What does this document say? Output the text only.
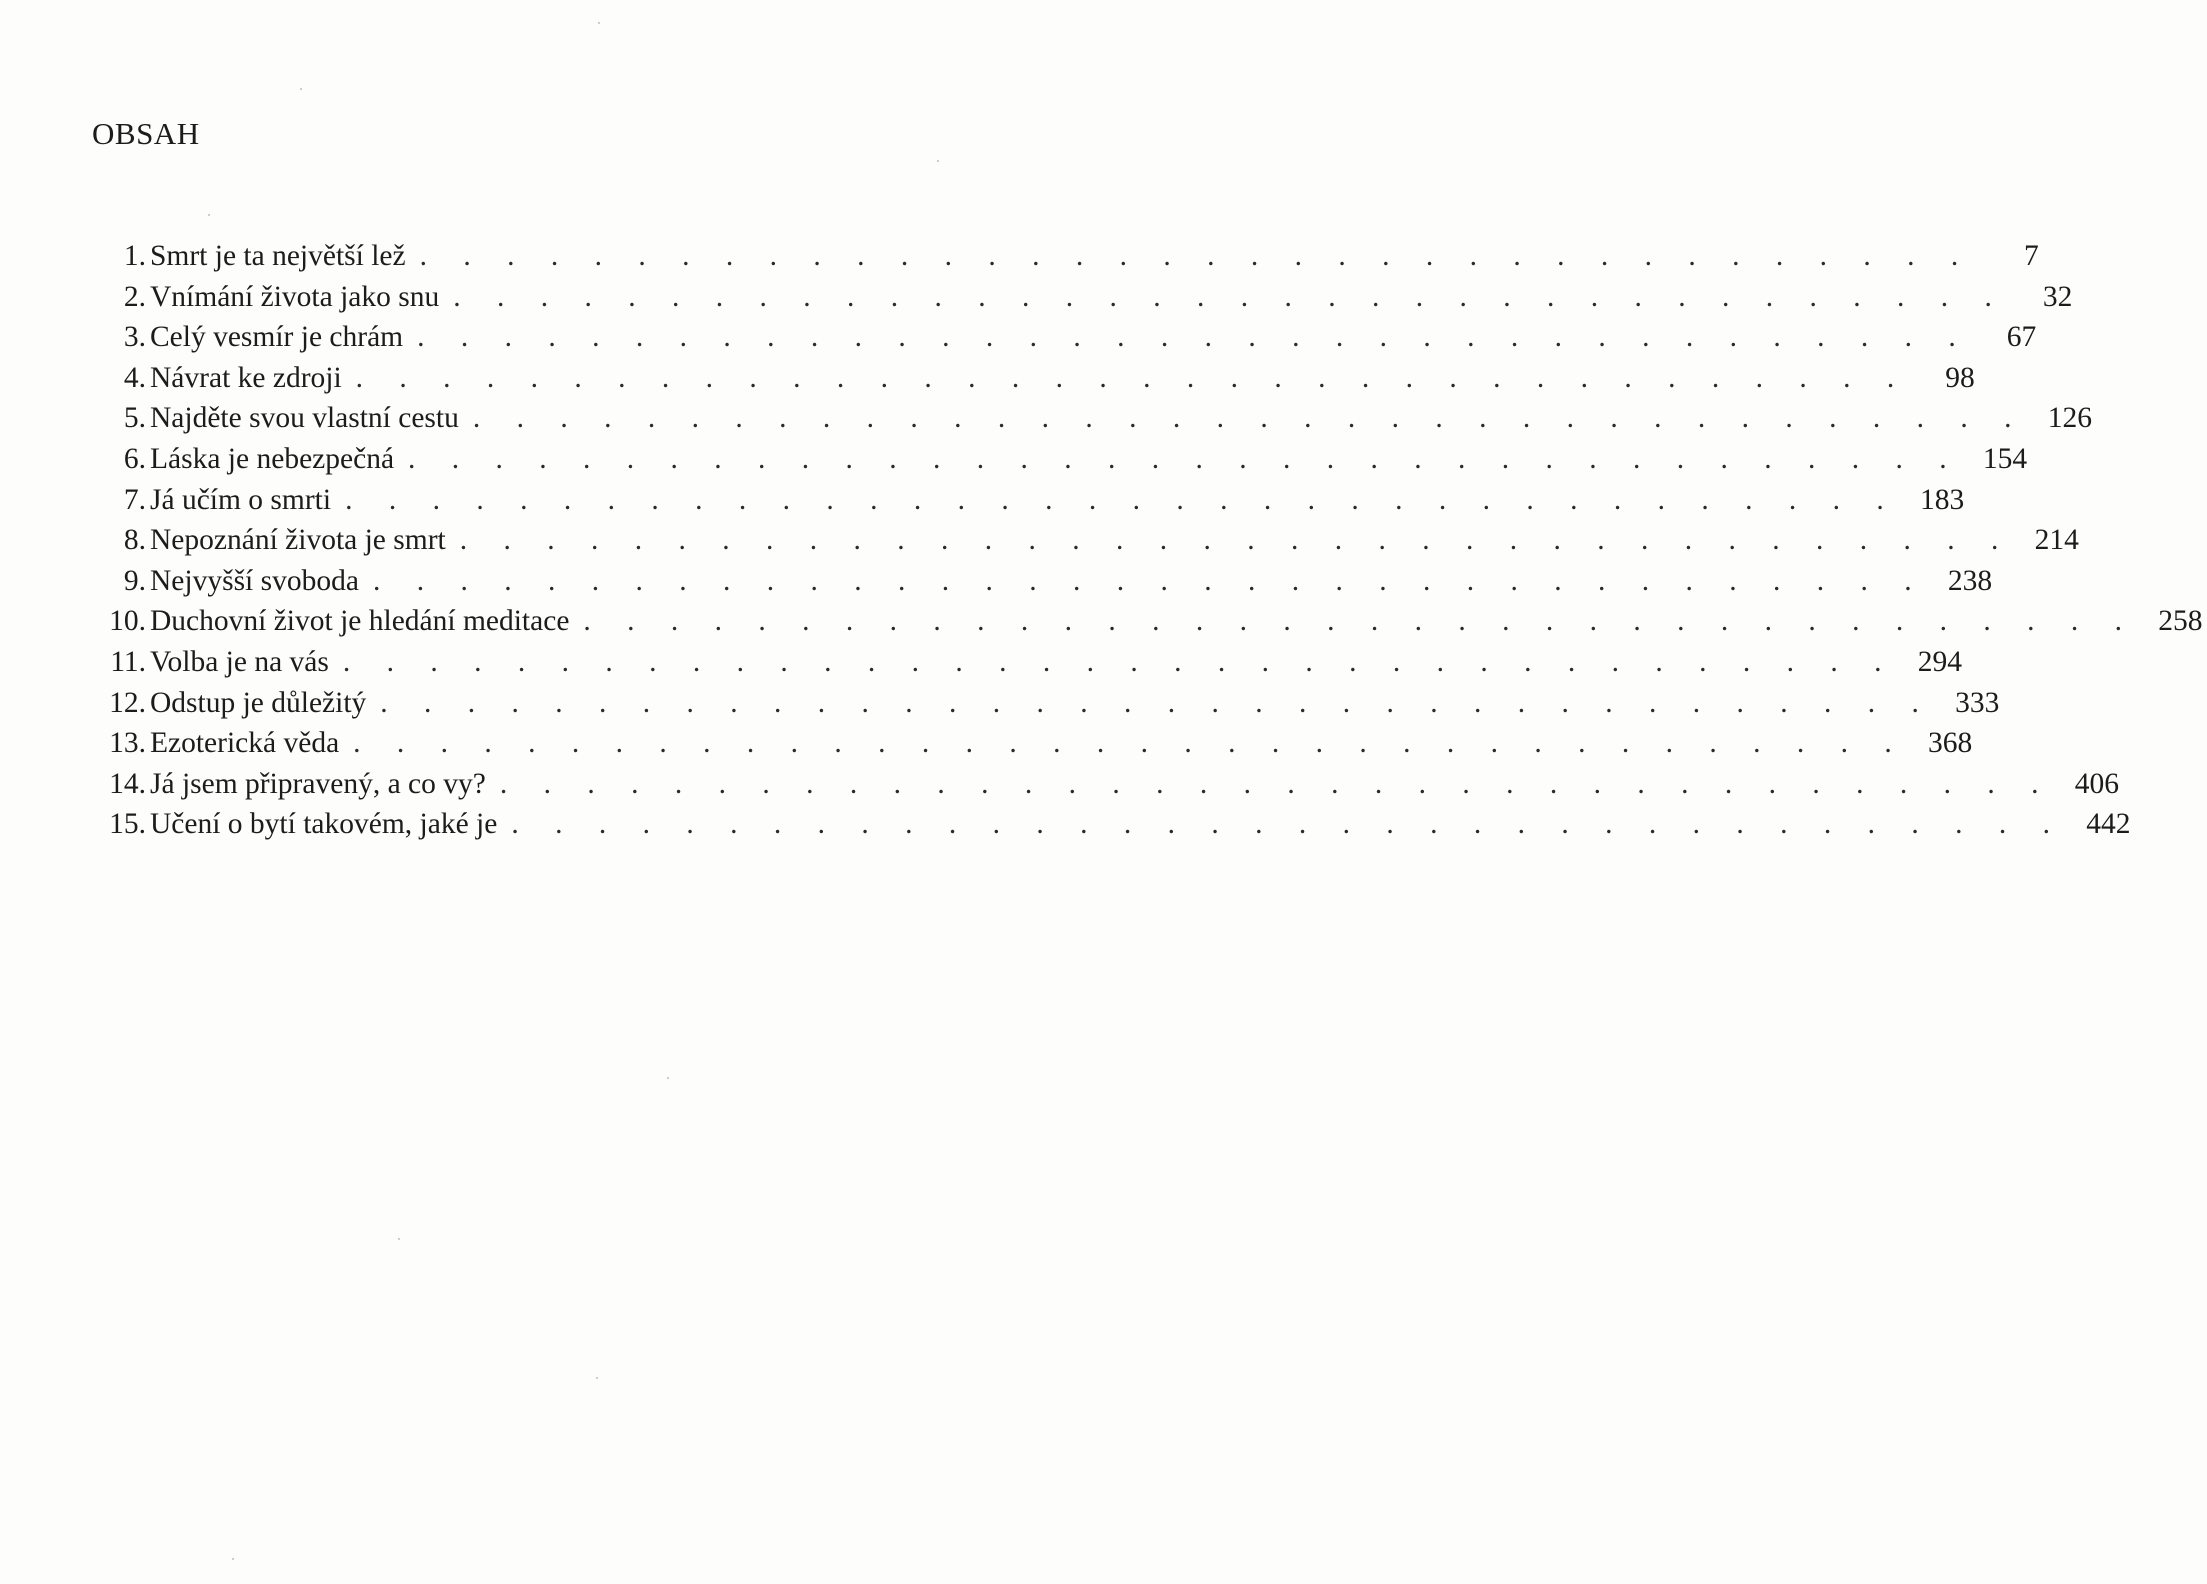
OBSAH
1. Smrt je ta největší lež . . . . . . . . . . . . . . . . . . . . . . . . . . . . . . . . . . . .	7
2. Vnímání života jako snu . . . . . . . . . . . . . . . . . . . . . . . . . . . . . . . . . . . .	32
3. Celý vesmír je chrám . . . . . . . . . . . . . . . . . . . . . . . . . . . . . . . . . . . .	67
4. Návrat ke zdroji . . . . . . . . . . . . . . . . . . . . . . . . . . . . . . . . . . . .	98
5. Najděte svou vlastní cestu . . . . . . . . . . . . . . . . . . . . . . . . . . . . . . . . . . . . 126
6. Láska je nebezpečná . . . . . . . . . . . . . . . . . . . . . . . . . . . . . . . . . . . . 154
7. Já učím o smrti . . . . . . . . . . . . . . . . . . . . . . . . . . . . . . . . . . . . 183
8. Nepoznání života je smrt . . . . . . . . . . . . . . . . . . . . . . . . . . . . . . . . . . . . 214
9. Nejvyšší svoboda . . . . . . . . . . . . . . . . . . . . . . . . . . . . . . . . . . . . 238
10. Duchovní život je hledání meditace . . . . . . . . . . . . . . . . . . . . . . . . . . . . . . . . . . . . 258
11. Volba je na vás . . . . . . . . . . . . . . . . . . . . . . . . . . . . . . . . . . . . 294
12. Odstup je důležitý . . . . . . . . . . . . . . . . . . . . . . . . . . . . . . . . . . . . 333
13. Ezoterická věda . . . . . . . . . . . . . . . . . . . . . . . . . . . . . . . . . . . . 368
14. Já jsem připravený, a co vy? . . . . . . . . . . . . . . . . . . . . . . . . . . . . . . . . . . . . 406
15. Učení o bytí takovém, jaké je . . . . . . . . . . . . . . . . . . . . . . . . . . . . . . . . . . . . 442
